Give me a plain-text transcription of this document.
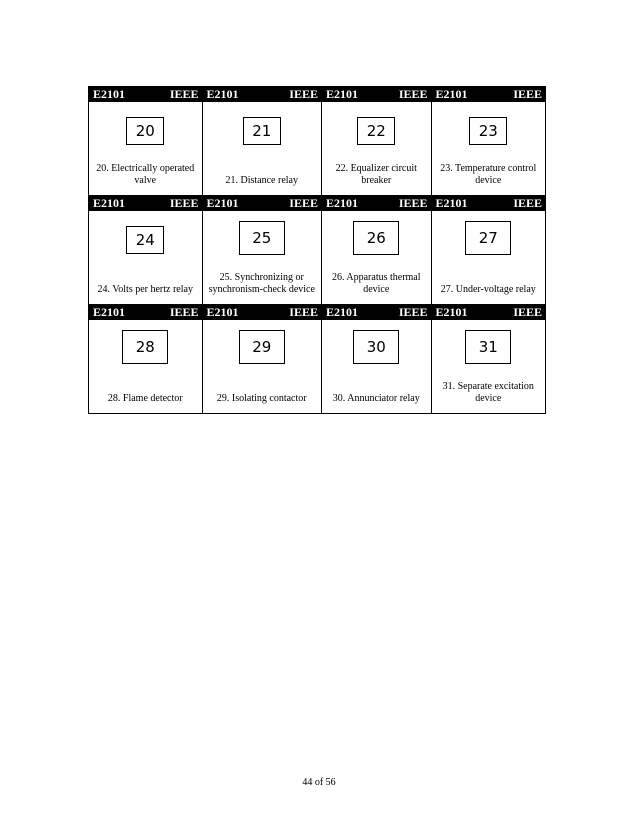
E2101	IEEE
20
20. Electrically operated valve
E2101	IEEE
21
21. Distance relay
E2101	IEEE
22
22. Equalizer circuit breaker
E2101	IEEE
23
23. Temperature control device
E2101	IEEE
24
24. Volts per hertz relay
E2101	IEEE
25
25. Synchronizing or synchronism-check device
E2101	IEEE
26
26. Apparatus thermal device
E2101	IEEE
27
27. Under-voltage relay
E2101	IEEE
28
28. Flame detector
E2101	IEEE
29
29. Isolating contactor
E2101	IEEE
30
30. Annunciator relay
E2101	IEEE
31
31. Separate excitation device
44 of 56
